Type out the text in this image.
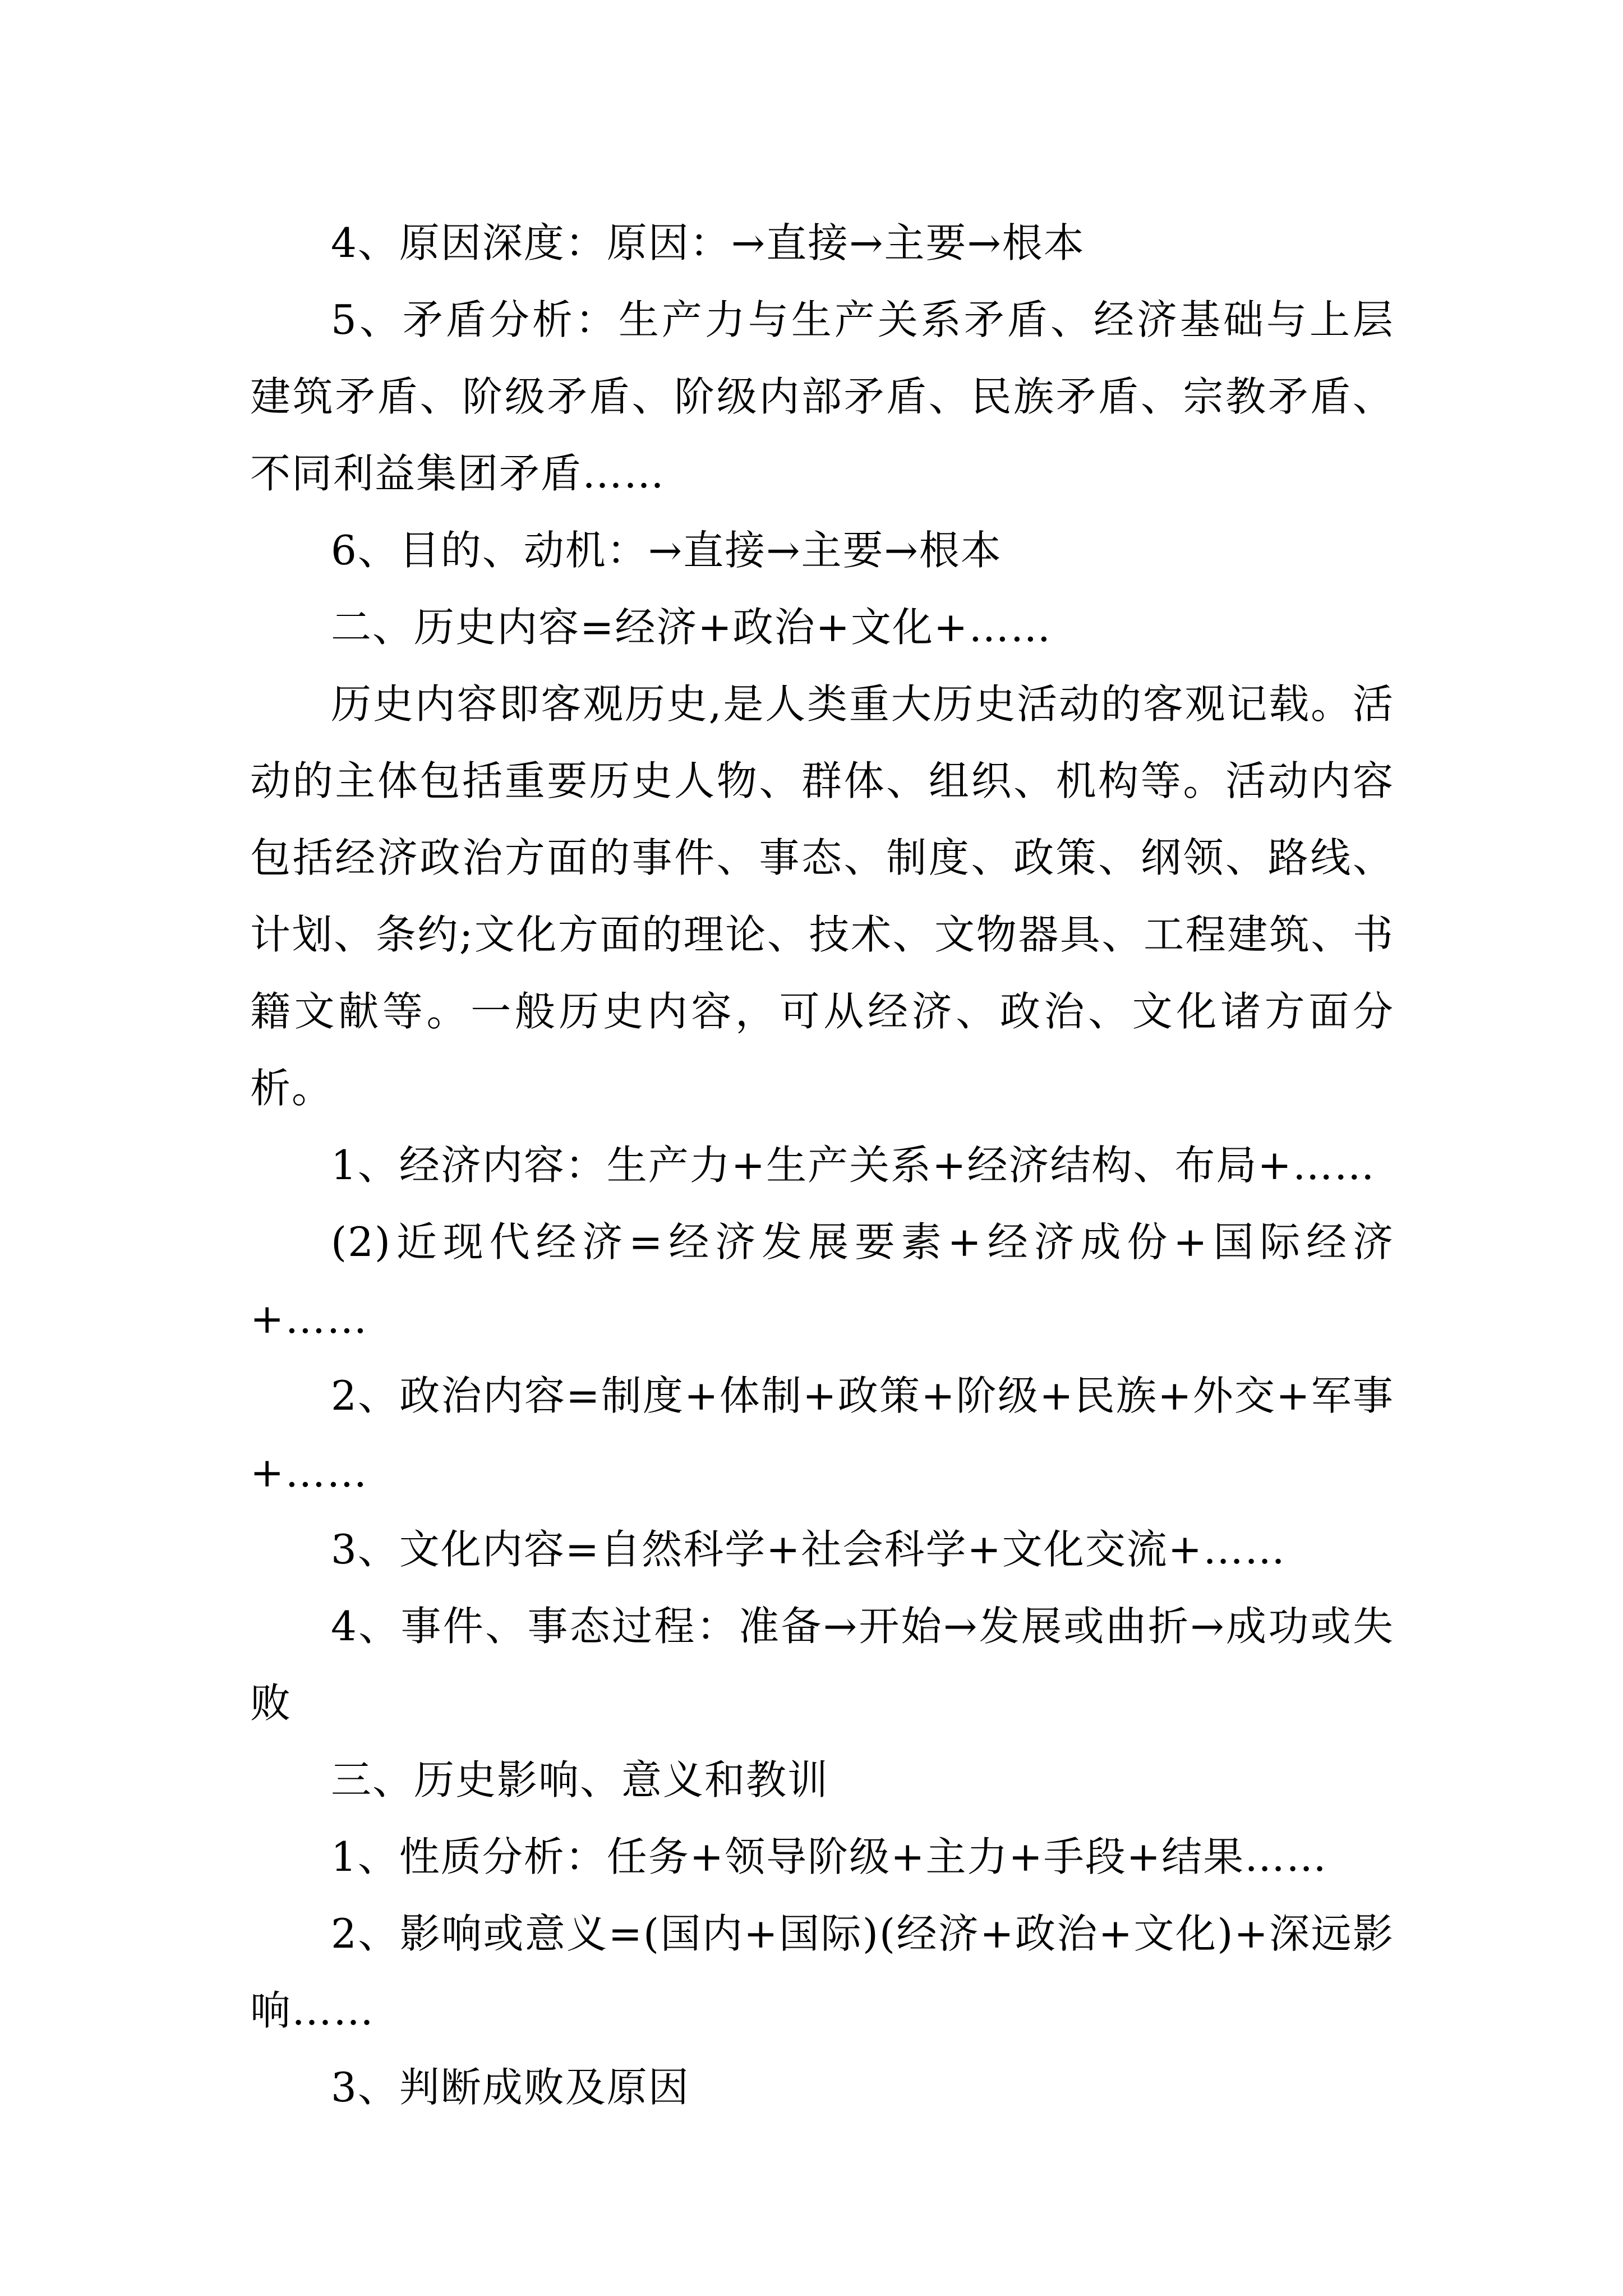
4、原因深度：原因：→直接→主要→根本

5、矛盾分析：生产力与生产关系矛盾、经济基础与上层建筑矛盾、阶级矛盾、阶级内部矛盾、民族矛盾、宗教矛盾、不同利益集团矛盾……

6、目的、动机：→直接→主要→根本

二、历史内容=经济+政治+文化+……

历史内容即客观历史,是人类重大历史活动的客观记载。活动的主体包括重要历史人物、群体、组织、机构等。活动内容包括经济政治方面的事件、事态、制度、政策、纲领、路线、计划、条约;文化方面的理论、技术、文物器具、工程建筑、书籍文献等。一般历史内容，可从经济、政治、文化诸方面分析。

1、经济内容：生产力+生产关系+经济结构、布局+……

(2)近现代经济=经济发展要素+经济成份+国际经济+……

2、政治内容=制度+体制+政策+阶级+民族+外交+军事+……

3、文化内容=自然科学+社会科学+文化交流+……

4、事件、事态过程：准备→开始→发展或曲折→成功或失败

三、历史影响、意义和教训

1、性质分析：任务+领导阶级+主力+手段+结果……

2、影响或意义=(国内+国际)(经济+政治+文化)+深远影响……

3、判断成败及原因
